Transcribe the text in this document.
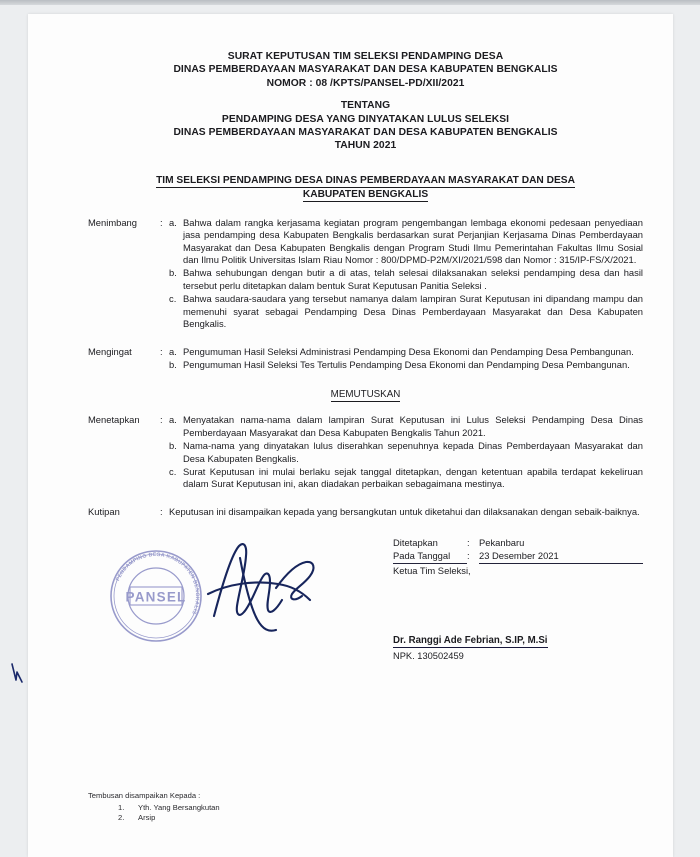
SURAT KEPUTUSAN TIM SELEKSI PENDAMPING DESA
DINAS PEMBERDAYAAN MASYARAKAT DAN DESA KABUPATEN BENGKALIS
NOMOR : 08 /KPTS/PANSEL-PD/XII/2021
TENTANG
PENDAMPING DESA YANG DINYATAKAN LULUS SELEKSI
DINAS PEMBERDAYAAN MASYARAKAT DAN DESA KABUPATEN BENGKALIS
TAHUN 2021
TIM SELEKSI PENDAMPING DESA DINAS PEMBERDAYAAN MASYARAKAT DAN DESA
KABUPATEN BENGKALIS
Menimbang	: a. Bahwa dalam rangka kerjasama kegiatan program pengembangan lembaga ekonomi pedesaan penyediaan jasa pendamping desa Kabupaten Bengkalis berdasarkan surat Perjanjian Kerjasama Dinas Pemberdayaan Masyarakat dan Desa Kabupaten Bengkalis dengan Program Studi Ilmu Pemerintahan Fakultas Ilmu Sosial dan Ilmu Politik Universitas Islam Riau Nomor : 800/DPMD-P2M/XI/2021/598 dan Nomor : 315/IP-FS/X/2021.
b. Bahwa sehubungan dengan butir a di atas, telah selesai dilaksanakan seleksi pendamping desa dan hasil tersebut perlu ditetapkan dalam bentuk Surat Keputusan Panitia Seleksi .
c. Bahwa saudara-saudara yang tersebut namanya dalam lampiran Surat Keputusan ini dipandang mampu dan memenuhi syarat sebagai Pendamping Desa Dinas Pemberdayaan Masyarakat dan Desa Kabupaten Bengkalis.
Mengingat	: a. Pengumuman Hasil Seleksi Administrasi Pendamping Desa Ekonomi dan Pendamping Desa Pembangunan.
b. Pengumuman Hasil Seleksi Tes Tertulis Pendamping Desa Ekonomi dan Pendamping Desa Pembangunan.
MEMUTUSKAN
Menetapkan	: a. Menyatakan nama-nama dalam lampiran Surat Keputusan ini Lulus Seleksi Pendamping Desa Dinas Pemberdayaan Masyarakat dan Desa Kabupaten Bengkalis Tahun 2021.
b. Nama-nama yang dinyatakan lulus diserahkan sepenuhnya kepada Dinas Pemberdayaan Masyarakat dan Desa Kabupaten Bengkalis.
c. Surat Keputusan ini mulai berlaku sejak tanggal ditetapkan, dengan ketentuan apabila terdapat kekeliruan dalam Surat Keputusan ini, akan diadakan perbaikan sebagaimana mestinya.
Kutipan	: Keputusan ini disampaikan kepada yang bersangkutan untuk diketahui dan dilaksanakan dengan sebaik-baiknya.
Ditetapkan	: Pekanbaru
Pada Tanggal	: 23 Desember 2021
Ketua Tim Seleksi,
Dr. Ranggi Ade Febrian, S.IP, M.Si
NPK. 130502459
PENDAMPING DESA KABUPATEN BENGKALIS
PANSEL
Tembusan disampaikan Kepada :
1.	Yth. Yang Bersangkutan
2.	Arsip
